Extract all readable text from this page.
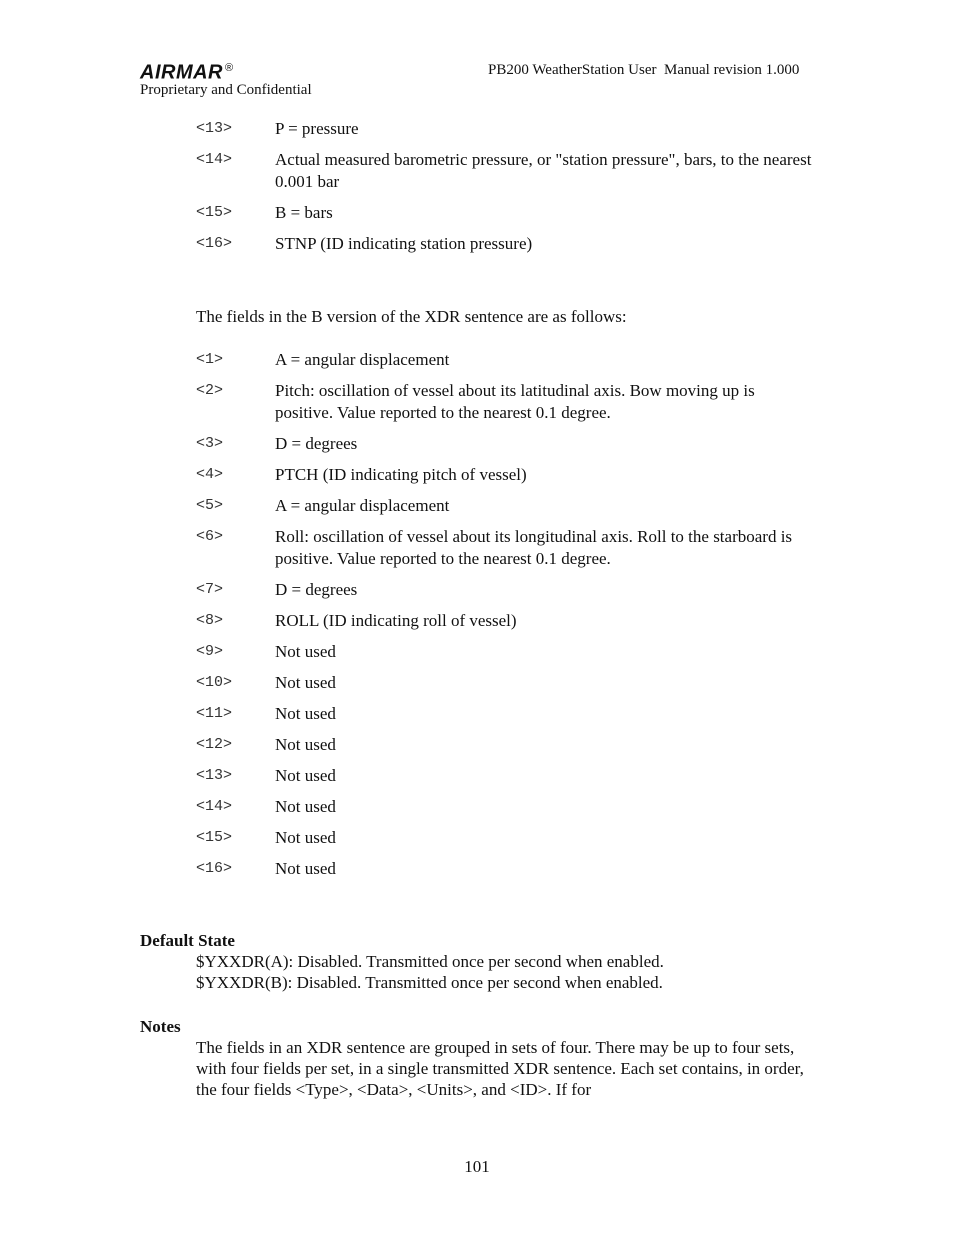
AIRMAR ®	PB200 WeatherStation User  Manual revision 1.000
Proprietary and Confidential
<13>	P = pressure
<14>	Actual measured barometric pressure, or "station pressure", bars, to the nearest 0.001 bar
<15>	B = bars
<16>	STNP (ID indicating station pressure)
The fields in the B version of the XDR sentence are as follows:
<1>	A = angular displacement
<2>	Pitch: oscillation of vessel about its latitudinal axis. Bow moving up is positive. Value reported to the nearest 0.1 degree.
<3>	D = degrees
<4>	PTCH (ID indicating pitch of vessel)
<5>	A = angular displacement
<6>	Roll: oscillation of vessel about its longitudinal axis. Roll to the starboard is positive. Value reported to the nearest 0.1 degree.
<7>	D = degrees
<8>	ROLL (ID indicating roll of vessel)
<9>	Not used
<10>	Not used
<11>	Not used
<12>	Not used
<13>	Not used
<14>	Not used
<15>	Not used
<16>	Not used
Default State
$YXXDR(A): Disabled. Transmitted once per second when enabled.
$YXXDR(B): Disabled. Transmitted once per second when enabled.
Notes
The fields in an XDR sentence are grouped in sets of four. There may be up to four sets, with four fields per set, in a single transmitted XDR sentence. Each set contains, in order, the four fields <Type>, <Data>, <Units>, and <ID>. If for
101
